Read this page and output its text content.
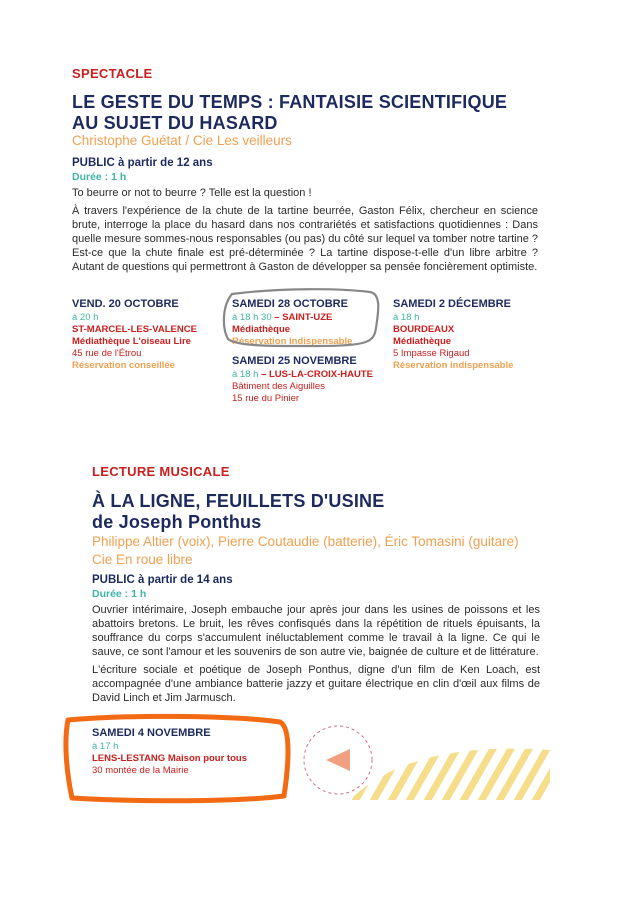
SPECTACLE
LE GESTE DU TEMPS : FANTAISIE SCIENTIFIQUE
AU SUJET DU HASARD
Christophe Guétat / Cie Les veilleurs
PUBLIC à partir de 12 ans
Durée : 1 h

To beurre or not to beurre ? Telle est la question !

À travers l'expérience de la chute de la tartine beurrée, Gaston Félix, chercheur en science brute, interroge la place du hasard dans nos contrariétés et satisfactions quotidiennes : Dans quelle mesure sommes-nous responsables (ou pas) du côté sur lequel va tomber notre tartine ? Est-ce que la chute finale est pré-déterminée ? La tartine dispose-t-elle d'un libre arbitre ? Autant de questions qui permettront à Gaston de développer sa pensée foncièrement optimiste.

VEND. 20 OCTOBRE
à 20 h
ST-MARCEL-LES-VALENCE
Médiathèque L'oiseau Lire
45 rue de l'Étrou
Réservation conseillée
SAMEDI 28 OCTOBRE
à 18 h 30 – SAINT-UZE
Médiathèque
Réservation indispensable
SAMEDI 25 NOVEMBRE
à 18 h – LUS-LA-CROIX-HAUTE
Bâtiment des Aiguilles
15 rue du Pinier
SAMEDI 2 DÉCEMBRE
à 18 h
BOURDEAUX
Médiathèque
5 Impasse Rigaud
Réservation indispensable
LECTURE MUSICALE
À LA LIGNE, FEUILLETS D'USINE
de Joseph Ponthus
Philippe Altier (voix), Pierre Coutaudie (batterie), Éric Tomasini (guitare)
Cie En roue libre
PUBLIC à partir de 14 ans
Durée : 1 h

Ouvrier intérimaire, Joseph embauche jour après jour dans les usines de poissons et les abattoirs bretons. Le bruit, les rêves confisqués dans la répétition de rituels épuisants, la souffrance du corps s'accumulent inéluctablement comme le travail à la ligne. Ce qui le sauve, ce sont l'amour et les souvenirs de son autre vie, baignée de culture et de littérature.

L'écriture sociale et poétique de Joseph Ponthus, digne d'un film de Ken Loach, est accompagnée d'une ambiance batterie jazzy et guitare électrique en clin d'œil aux films de David Linch et Jim Jarmusch.

SAMEDI 4 NOVEMBRE
à 17 h
LENS-LESTANG Maison pour tous
30 montée de la Mairie
